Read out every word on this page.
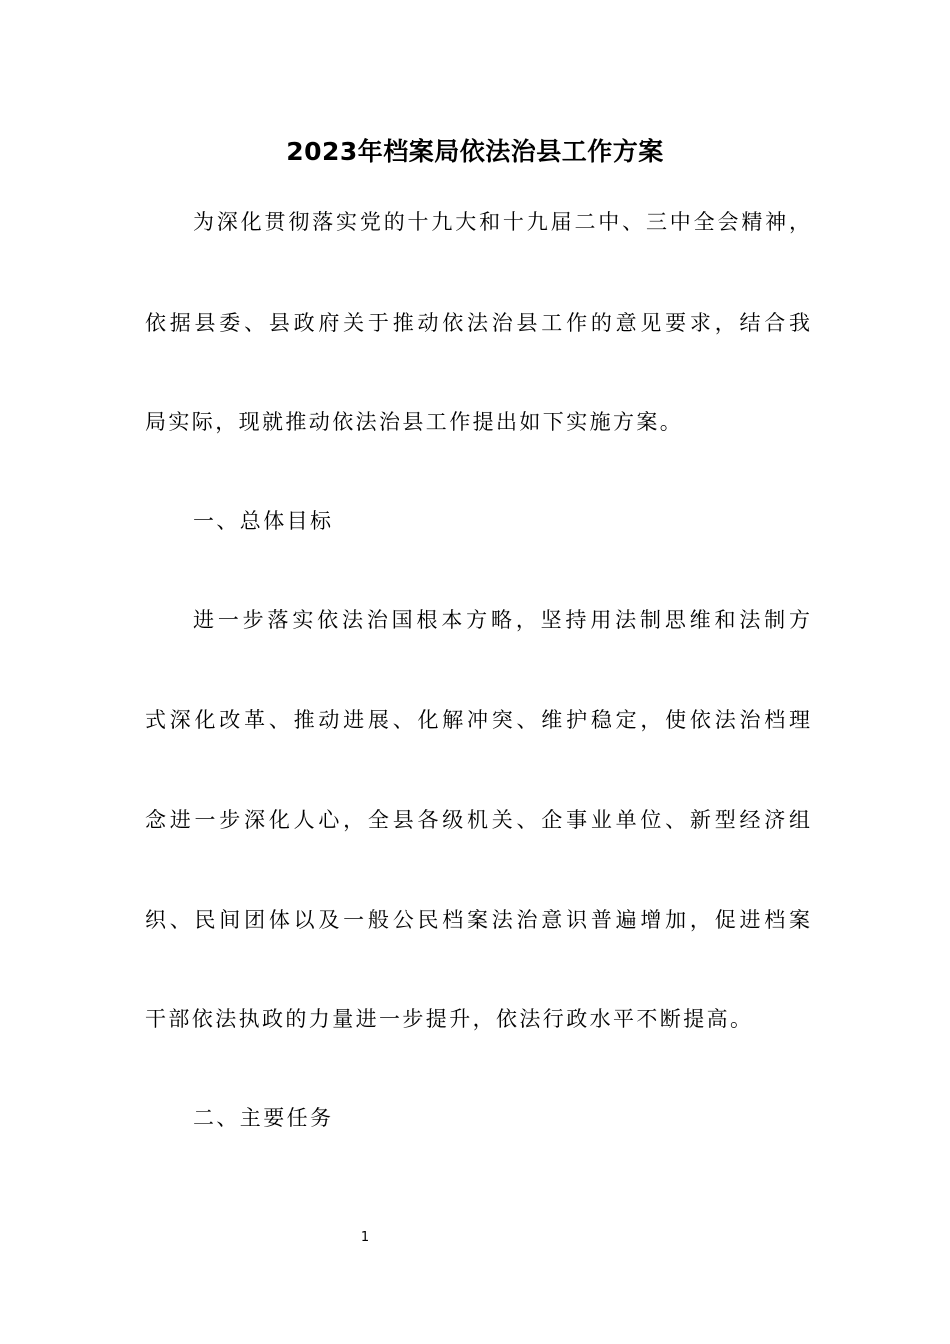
2023年档案局依法治县工作方案
为深化贯彻落实党的十九大和十九届二中、三中全会精神，
依据县委、县政府关于推动依法治县工作的意见要求，结合我
局实际，现就推动依法治县工作提出如下实施方案。
一、总体目标
进一步落实依法治国根本方略，坚持用法制思维和法制方
式深化改革、推动进展、化解冲突、维护稳定，使依法治档理
念进一步深化人心，全县各级机关、企事业单位、新型经济组
织、民间团体以及一般公民档案法治意识普遍增加，促进档案
干部依法执政的力量进一步提升，依法行政水平不断提高。
二、主要任务
1
